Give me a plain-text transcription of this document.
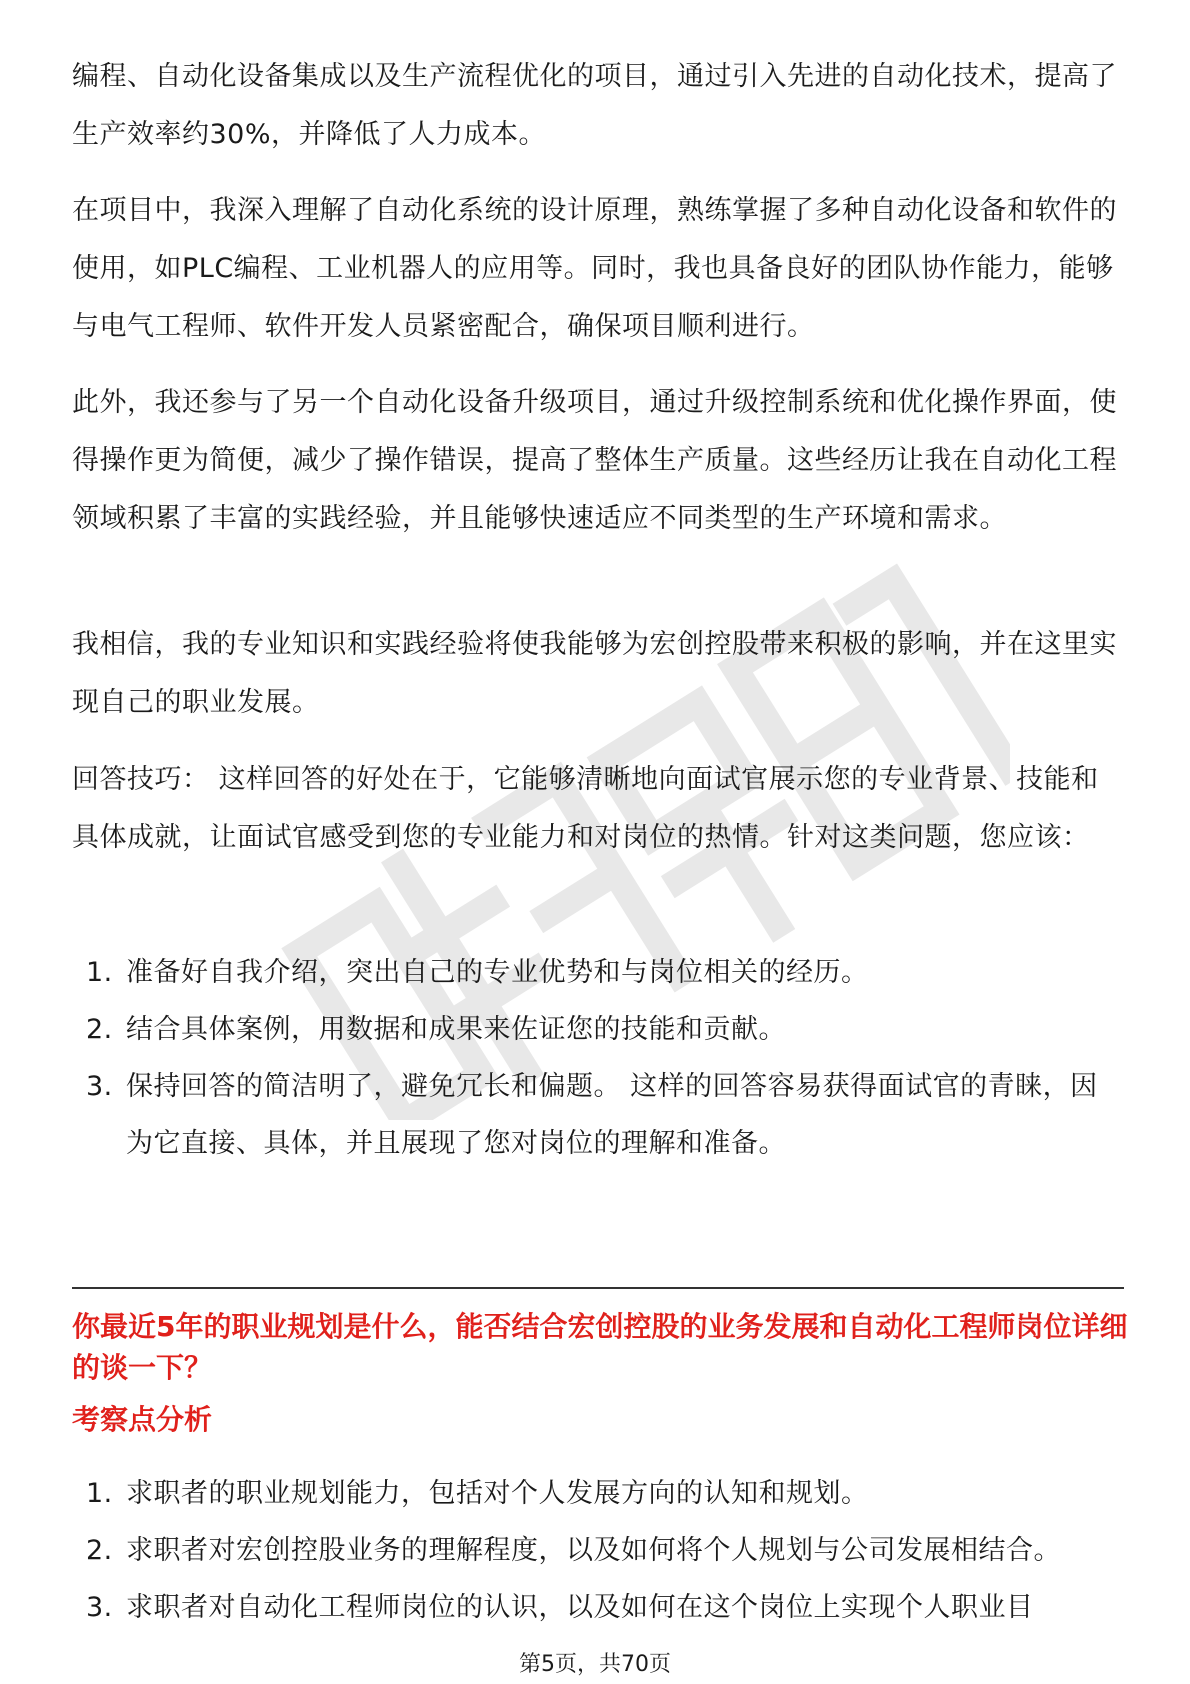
编程、自动化设备集成以及生产流程优化的项目，通过引入先进的自动化技术，提高了生产效率约30%，并降低了人力成本。

在项目中，我深入理解了自动化系统的设计原理，熟练掌握了多种自动化设备和软件的使用，如PLC编程、工业机器人的应用等。同时，我也具备良好的团队协作能力，能够与电气工程师、软件开发人员紧密配合，确保项目顺利进行。

此外，我还参与了另一个自动化设备升级项目，通过升级控制系统和优化操作界面，使得操作更为简便，减少了操作错误，提高了整体生产质量。这些经历让我在自动化工程领域积累了丰富的实践经验，并且能够快速适应不同类型的生产环境和需求。

我相信，我的专业知识和实践经验将使我能够为宏创控股带来积极的影响，并在这里实现自己的职业发展。

回答技巧： 这样回答的好处在于，它能够清晰地向面试官展示您的专业背景、技能和具体成就，让面试官感受到您的专业能力和对岗位的热情。针对这类问题，您应该：

1. 准备好自我介绍，突出自己的专业优势和与岗位相关的经历。
2. 结合具体案例，用数据和成果来佐证您的技能和贡献。
3. 保持回答的简洁明了，避免冗长和偏题。 这样的回答容易获得面试官的青睐，因为它直接、具体，并且展现了您对岗位的理解和准备。

你最近5年的职业规划是什么，能否结合宏创控股的业务发展和自动化工程师岗位详细的谈一下？

考察点分析

1. 求职者的职业规划能力，包括对个人发展方向的认知和规划。
2. 求职者对宏创控股业务的理解程度，以及如何将个人规划与公司发展相结合。
3. 求职者对自动化工程师岗位的认识，以及如何在这个岗位上实现个人职业目
第5页，共70页
